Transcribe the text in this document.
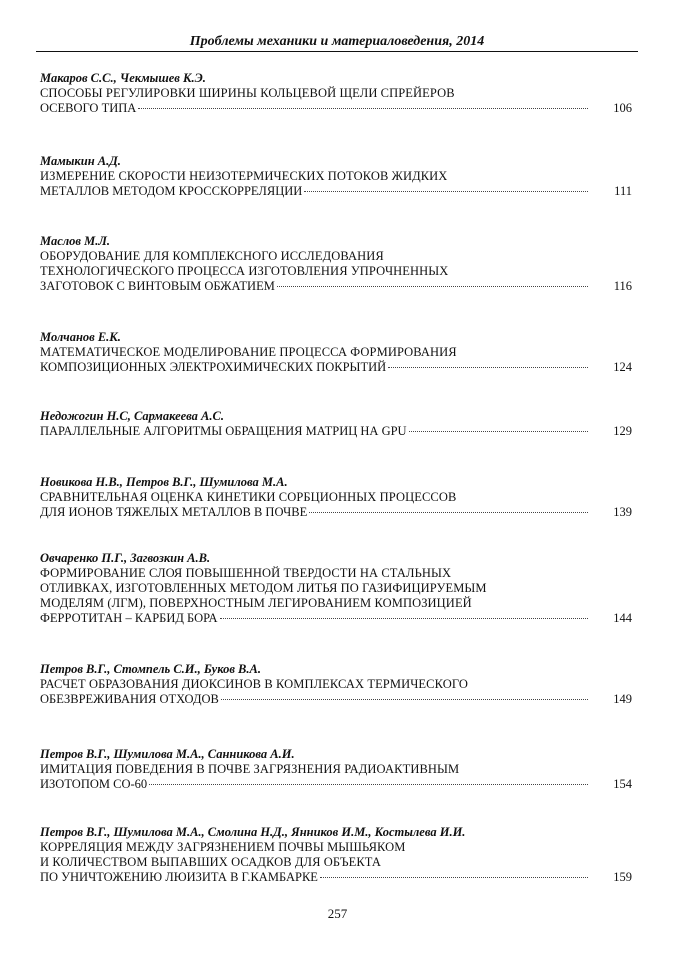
Проблемы механики и материаловедения, 2014
Макаров С.С., Чекмышев К.Э.
СПОСОБЫ РЕГУЛИРОВКИ ШИРИНЫ КОЛЬЦЕВОЙ ЩЕЛИ СПРЕЙЕРОВ
ОСЕВОГО ТИПА	106
Мамыкин А.Д.
ИЗМЕРЕНИЕ СКОРОСТИ НЕИЗОТЕРМИЧЕСКИХ ПОТОКОВ ЖИДКИХ
МЕТАЛЛОВ МЕТОДОМ КРОССКОРРЕЛЯЦИИ	111
Маслов М.Л.
ОБОРУДОВАНИЕ ДЛЯ КОМПЛЕКСНОГО ИССЛЕДОВАНИЯ
ТЕХНОЛОГИЧЕСКОГО ПРОЦЕССА ИЗГОТОВЛЕНИЯ УПРОЧНЕННЫХ
ЗАГОТОВОК С ВИНТОВЫМ ОБЖАТИЕМ	116
Молчанов Е.К.
МАТЕМАТИЧЕСКОЕ МОДЕЛИРОВАНИЕ ПРОЦЕССА ФОРМИРОВАНИЯ
КОМПОЗИЦИОННЫХ ЭЛЕКТРОХИМИЧЕСКИХ ПОКРЫТИЙ	124
Недожогин Н.С, Сармакеева А.С.
ПАРАЛЛЕЛЬНЫЕ АЛГОРИТМЫ ОБРАЩЕНИЯ МАТРИЦ НА GPU	129
Новикова Н.В., Петров В.Г., Шумилова М.А.
СРАВНИТЕЛЬНАЯ ОЦЕНКА КИНЕТИКИ СОРБЦИОННЫХ ПРОЦЕССОВ
ДЛЯ ИОНОВ ТЯЖЕЛЫХ МЕТАЛЛОВ В ПОЧВЕ	139
Овчаренко П.Г., Загвозкин А.В.
ФОРМИРОВАНИЕ СЛОЯ ПОВЫШЕННОЙ ТВЕРДОСТИ НА СТАЛЬНЫХ
ОТЛИВКАХ, ИЗГОТОВЛЕННЫХ МЕТОДОМ ЛИТЬЯ ПО ГАЗИФИЦИРУЕМЫМ
МОДЕЛЯМ (ЛГМ), ПОВЕРХНОСТНЫМ ЛЕГИРОВАНИЕМ КОМПОЗИЦИЕЙ
ФЕРРОТИТАН – КАРБИД БОРА	144
Петров В.Г., Стомпель С.И., Буков В.А.
РАСЧЕТ ОБРАЗОВАНИЯ ДИОКСИНОВ В КОМПЛЕКСАХ ТЕРМИЧЕСКОГО
ОБЕЗВРЕЖИВАНИЯ ОТХОДОВ	149
Петров В.Г., Шумилова М.А., Санникова А.И.
ИМИТАЦИЯ ПОВЕДЕНИЯ В ПОЧВЕ ЗАГРЯЗНЕНИЯ РАДИОАКТИВНЫМ
ИЗОТОПОМ СО-60	154
Петров В.Г., Шумилова М.А., Смолина Н.Д., Янников И.М., Костылева И.И.
КОРРЕЛЯЦИЯ МЕЖДУ ЗАГРЯЗНЕНИЕМ ПОЧВЫ МЫШЬЯКОМ
И КОЛИЧЕСТВОМ ВЫПАВШИХ ОСАДКОВ ДЛЯ ОБЪЕКТА
ПО УНИЧТОЖЕНИЮ ЛЮИЗИТА В Г.КАМБАРКЕ	159
257
